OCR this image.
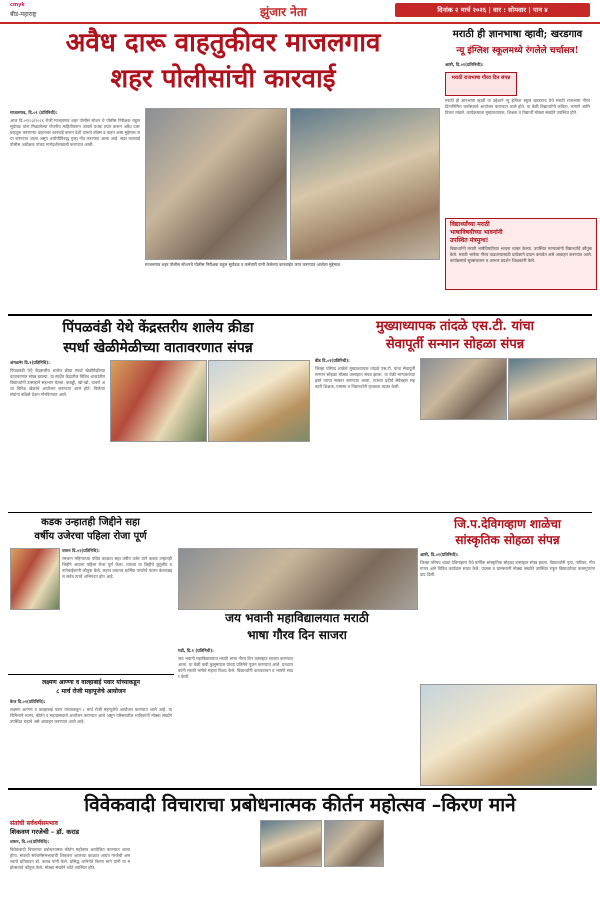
cmyk
बीड-महाराष्ट्र	झुंजार नेता	दिनांक २ मार्च २०२६ | वार : सोमवार | पान ४
अवैध दारू वाहतुकीवर माजलगाव
शहर पोलीसांची कारवाई
माजलगाव, दि.०१ (प्रतिनिधी):
आज दि.०१/०३/२०२६ रोजी माजलगाव शहर पोलीस स्टेशन चे पोलीस निरीक्षक राहुल सूर्यतळ यांना मिळालेल्या गोपनीय माहितीवरून आपले पथक तयार करून अवैध दारू वाहतूक करणाऱ्या वाहनावर कारवाई करून देशी दारूचे बॉक्स व वाहन असा मुद्देमाल जप्त करण्यात आला असून आरोपीविरुद्ध गुन्हा नोंद करण्यात आला आहे. सदर कारवाई पोलीस अधीक्षक यांच्या मार्गदर्शनाखाली करण्यात आली.
माजलगाव शहर पोलीस स्टेशनचे पोलीस निरीक्षक राहुल सूर्यतळ व कर्मचारी यांनी केलेल्या कारवाईत जप्त करण्यात आलेला मुद्देमाल.
मराठी ही ज्ञानभाषा व्हावी; खरडगाव
न्यू इंग्लिश स्कूलमध्ये रंगलेले चर्चासत्र!
आष्टी, दि.०१(प्रतिनिधी):
मराठी राजभाषा गौरव दिन संपन्न
मराठी ही ज्ञानभाषा व्हावी या उद्देशाने न्यू इंग्लिश स्कूल खरडगाव येथे मराठी राजभाषा गौरव दिनानिमित्त चर्चासत्राचे आयोजन करण्यात आले होते. या वेळी विद्यार्थ्यांनी कविता, भाषणे आणि विचार मांडले. कार्यक्रमाला मुख्याध्यापक, शिक्षक व विद्यार्थी मोठ्या संख्येने उपस्थित होते.
विद्यार्थ्यांच्या मराठी
भाषाविषयीच्या भावनांनी
उपस्थित मंत्रमुग्ध!
विद्यार्थ्यांनी मराठी भाषेविषयीच्या भावना व्यक्त केल्या. उपस्थित मान्यवरांनी विद्यार्थ्यांचे कौतुक केले. मराठी भाषेचा गौरव वाढवण्यासाठी प्रत्येकाने प्रयत्न करावेत असे आवाहन करण्यात आले. कार्यक्रमाचे सूत्रसंचालन व आभार प्रदर्शन शिक्षकांनी केले.
पिंपळवंडी येथे केंद्रस्तरीय शालेय क्रीडा
स्पर्धा खेळीमेळीच्या वातावरणात संपन्न
अंमळनेर दि.१(प्रतिनिधि):
पिंपळवंडी येथे केंद्रस्तरीय शालेय क्रीडा स्पर्धा खेळीमेळीच्या वातावरणात संपन्न झाल्या. या स्पर्धेत केंद्रातील विविध शाळांतील विद्यार्थ्यांनी उत्साहाने सहभाग घेतला. कबड्डी, खो-खो, धावणे अशा विविध खेळांचे आयोजन करण्यात आले होते. विजेत्या संघांना बक्षिसे देऊन गौरविण्यात आले.
मुख्याध्यापक तांदळे एस.टी. यांचा
सेवापूर्ती सन्मान सोहळा संपन्न
बीड दि.०१(प्रतिनिधी):
जिल्हा परिषद शाळेचे मुख्याध्यापक तांदळे एस.टी. यांचा सेवापूर्ती सन्मान सोहळा मोठ्या उत्साहात संपन्न झाला. या वेळी मान्यवरांच्या हस्ते त्यांचा सत्कार करण्यात आला. त्यांच्या प्रदीर्घ सेवेबद्दल सहकारी शिक्षक, ग्रामस्थ व विद्यार्थ्यांनी कृतज्ञता व्यक्त केली.
कडक उन्हातही जिद्दीने सहा
वर्षीय उजेरचा पहिला रोजा पूर्ण
धारूर दि.०१(प्रतिनिधि):
रमजान महिन्याच्या पवित्र काळात सहा वर्षीय उजेर याने कडक उन्हातही जिद्दीने आपला पहिला रोजा पूर्ण केला. त्याच्या या जिद्दीचे कुटुंबीय व नातेवाईकांनी कौतुक केले. लहान वयातच धार्मिक परंपरेचे पालन केल्याबद्दल सर्वत्र त्याचे अभिनंदन होत आहे.
जि.प.देविगव्हाण शाळेचा
सांस्कृतिक सोहळा संपन्न
आष्टी, दि.०१(प्रतिनिधी):
जिल्हा परिषद शाळा देविगव्हाण येथे वार्षिक सांस्कृतिक सोहळा उत्साहात संपन्न झाला. विद्यार्थ्यांनी नृत्य, नाटिका, गीत गायन असे विविध कार्यक्रम सादर केले. पालक व ग्रामस्थांनी मोठ्या संख्येने उपस्थित राहून विद्यार्थ्यांच्या कलागुणांना दाद दिली.
जय भवानी महाविद्यालयात मराठी
भाषा गौरव दिन साजरा
गढी, दि.१ (प्रतिनिधी):
जय भवानी महाविद्यालयात मराठी भाषा गौरव दिन उत्साहात साजरा करण्यात आला. या वेळी कवी कुसुमाग्रज यांच्या प्रतिमेचे पूजन करण्यात आले. प्राध्यापकांनी मराठी भाषेचे महत्त्व विशद केले. विद्यार्थ्यांनी काव्यवाचन व भाषणे सादर केली.
लक्ष्मण आण्णा व वाल्हाबाई पवार यांच्याकडून
८ मार्च रोजी महापूजेचे आयोजन
केज दि.०१(प्रतिनिधि):
लक्ष्मण आण्णा व वाल्हाबाई पवार यांच्याकडून ८ मार्च रोजी महापूजेचे आयोजन करण्यात आले आहे. या निमित्ताने भजन, कीर्तन व महाप्रसादाचे आयोजन करण्यात आले असून परिसरातील भाविकांनी मोठ्या संख्येने उपस्थित राहावे असे आवाहन करण्यात आले आहे.
विवेकवादी विचाराचा प्रबोधनात्मक कीर्तन महोत्सव –किरण माने
संतांची सर्वधर्मसमभाव
शिकवण गरजेची – डॉ. कराड
धारूर, दि.०१(प्रतिनिधि):
विवेकवादी विचाराचा प्रबोधनात्मक कीर्तन महोत्सव आयोजित करण्यात आला होता. संतांची सर्वधर्मसमभावाची शिकवण आजच्या काळात अत्यंत गरजेची असल्याचे प्रतिपादन डॉ. कराड यांनी केले. प्रसिद्ध अभिनेते किरण माने यांनी या महोत्सवाचे कौतुक केले. मोठ्या संख्येने श्रोते उपस्थित होते.
